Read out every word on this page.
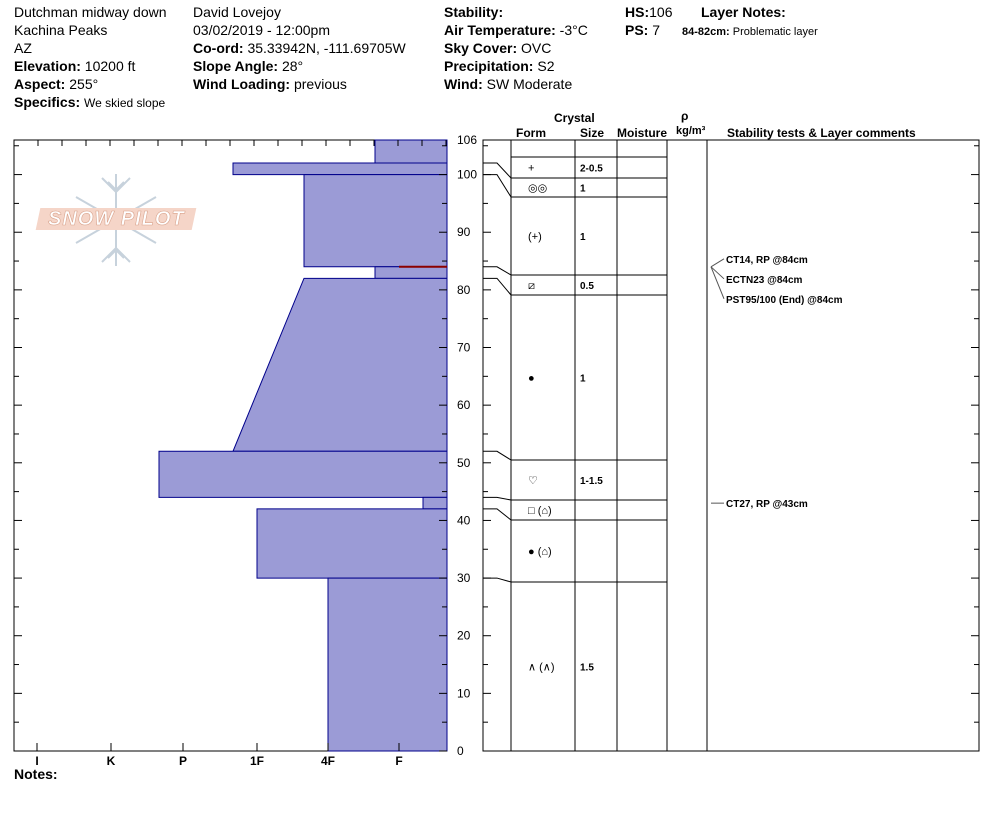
Dutchman midway down
Kachina Peaks
AZ
Elevation: 10200 ft
Aspect: 255°
Specifics: We skied slope
David Lovejoy
03/02/2019 - 12:00pm
Co-ord: 35.33942N, -111.69705W
Slope Angle: 28°
Wind Loading: previous
Stability:
Air Temperature: -3°C
Sky Cover: OVC
Precipitation: S2
Wind: SW Moderate
HS:106
PS: 7
Layer Notes:
84-82cm: Problematic layer
Crystal
Form	Size Moisture
ρ
kg/m³ Stability tests & Layer comments
SNOW PILOT
0
10
20
30
40
50
60
70
80
90
100
106
I	K	P	1F	4F	F
+	2-0.5
◎◎	1
(+)	1
⧄	0.5
●	1
♡	1-1.5
□ (⌂)
● (⌂)
∧ (∧)	1.5
CT14, RP @84cm
ECTN23 @84cm
PST95/100 (End) @84cm
CT27, RP @43cm
Notes:
